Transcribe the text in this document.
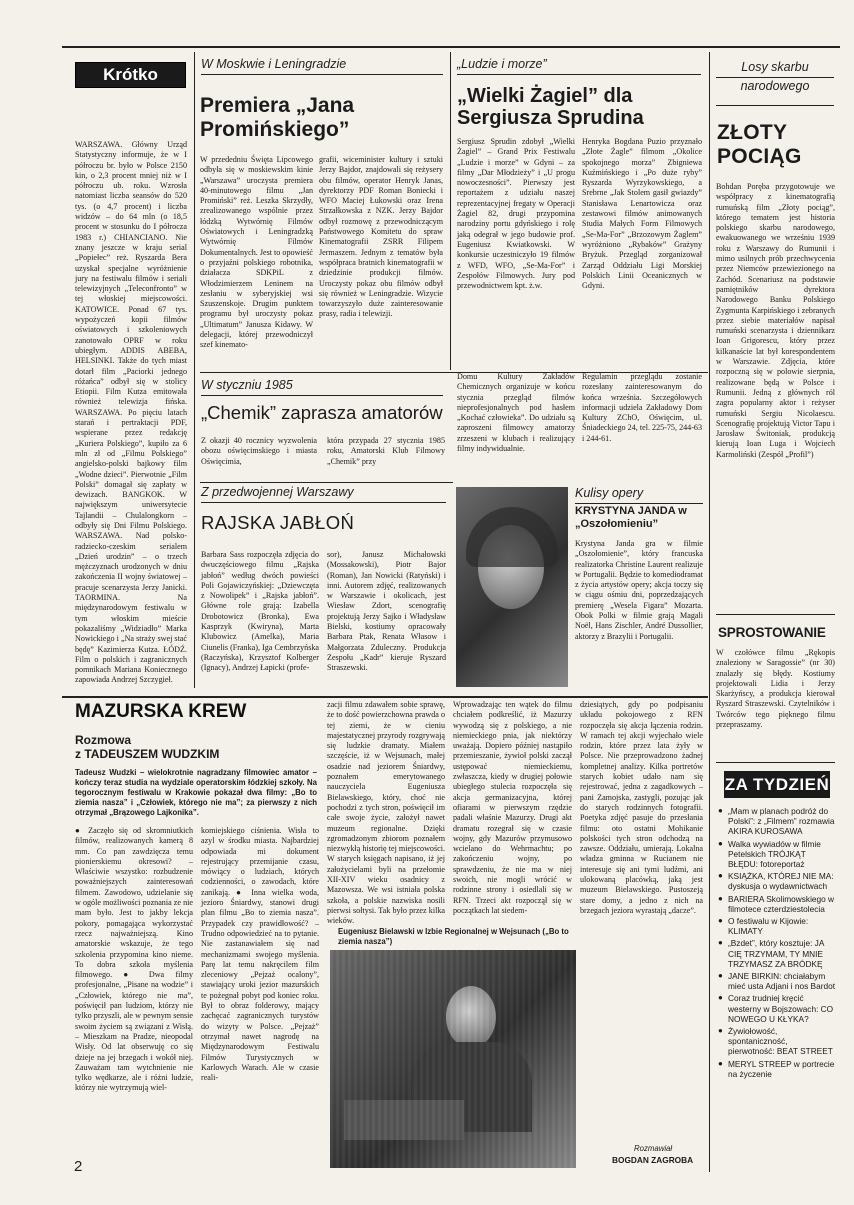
Krótko
WARSZAWA. Główny Urząd Statystyczny informuje, że w I półroczu br. było w Polsce 2150 kin, o 2,3 procent mniej niż w I półroczu ub. roku. Wzrosła natomiast liczba seansów do 520 tys. (o 4,7 procent) i liczba widzów – do 64 mln (o 18,5 procent w stosunku do I półrocza 1983 r.) CHIANCIANO. Nie znany jeszcze w kraju serial „Popiełec” reż. Ryszarda Bera uzyskał specjalne wyróżnienie jury na festiwalu filmów i seriali telewizyjnych „Teleconfronto” w tej włoskiej miejscowości. KATOWICE. Ponad 67 tys. wypożyczeń kopii filmów oświatowych i szkoleniowych zanotowało OPRF w roku ubiegłym. ADDIS ABEBA, HELSINKI. Także do tych miast dotarł film „Paciorki jednego różańca” odbył się w stolicy Etiopii. Film Kutza emitowała również telewizja fińska. WARSZAWA. Po pięciu latach starań i pertraktacji PDF, wspierane przez redakcję „Kuriera Polskiego”, kupiło za 6 mln zł od „Filmu Polskiego” angielsko-polski bajkowy film „Wodne dzieci”. Pierwotnie „Film Polski” domagał się zapłaty w dewizach. BANGKOK. W największym uniwersytecie Tajlandii – Chulalongkorn – odbyły się Dni Filmu Polskiego. WARSZAWA. Nad polsko-radziecko-czeskim serialem „Dzień urodzin” – o trzech mężczyznach urodzonych w dniu zakończenia II wojny światowej – pracuje scenarzysta Jerzy Janicki. TAORMINA. Na międzynarodowym festiwalu w tym włoskim mieście pokazaliśmy „Widziadło” Marka Nowickiego i „Na straży swej stać będę” Kazimierza Kutza. ŁÓDŹ. Film o polskich i zagranicznych pomnikach Mariana Koniecznego zapowiada Andrzej Szczygieł.
W Moskwie i Leningradzie
Premiera „Jana Promińskiego”
W przededniu Święta Lipcowego odbyła się w moskiewskim kinie „Warszawa” uroczysta premiera 40-minutowego filmu „Jan Promiński” reż. Leszka Skrzydły, zrealizowanego wspólnie przez łódzką Wytwórnię Filmów Oświatowych i Leningradzką Wytwórnię Filmów Dokumentalnych. Jest to opowieść o przyjaźni polskiego robotnika, działacza SDKPiL z Włodzimierzem Leninem na zesłaniu w syberyjskiej wsi Szuszenskoje. Drugim punktem programu był uroczysty pokaz „Ultimatum” Janusza Kidawy. W delegacji, której przewodniczył szef kinemato-
grafii, wiceminister kultury i sztuki Jerzy Bajdor, znajdowali się reżysery obu filmów, operator Henryk Janas, dyrektorzy PDF Roman Boniecki i WFO Maciej Łukowski oraz Irena Strzałkowska z NZK. Jerzy Bajdor odbył rozmowę z przewodniczącym Państwowego Komitetu do spraw Kinematografii ZSRR Filipem Jermaszem. Jednym z tematów była współpraca bratnich kinematografii w dziedzinie produkcji filmów. Uroczysty pokaz obu filmów odbył się również w Leningradzie. Wizycie towarzyszyło duże zainteresowanie prasy, radia i telewizji.
„Ludzie i morze”
„Wielki Żagiel” dla Sergiusza Sprudina
Sergiusz Sprudin zdobył „Wielki Żagiel” – Grand Prix Festiwalu „Ludzie i morze” w Gdyni – za filmy „Dar Młodzieży” i „U progu nowoczesności”. Pierwszy jest reportażem z udziału naszej reprezentacyjnej fregaty w Operacji Żagiel 82, drugi przypomina narodziny portu gdyńskiego i rolę jaką odegrał w jego budowie prof. Eugeniusz Kwiatkowski. W konkursie uczestniczyło 19 filmów z WFD, WFO, „Se-Ma-For” i Zespołów Filmowych. Jury pod przewodnictwem kpt. ż.w.
Henryka Bogdana Puzio przyznało „Złote Żagle” filmom „Okolice spokojnego morza” Zbigniewa Kuźmińskiego i „Po duże ryby” Ryszarda Wyrzykowskiego, a Srebrne „Jak Stolem gasił gwiazdy” Stanisława Lenartowicza oraz zestawowi filmów animowanych Studia Małych Form Filmowych „Se-Ma-For” „Brzozowym Żaglem” wyróżniono „Rybaków” Grażyny Bryżuk. Przegląd zorganizował Zarząd Oddziału Ligi Morskiej Polskich Linii Oceanicznych w Gdyni.
Losy skarbu narodowego
ZŁOTY POCIĄG
Bohdan Poręba przygotowuje we współpracy z kinematografią rumuńską film „Złoty pociąg”, którego tematem jest historia polskiego skarbu narodowego, ewakuowanego we wrześniu 1939 roku z Warszawy do Rumunii i mimo usilnych prób przechwycenia przez Niemców przewiezionego na Zachód. Scenariusz na podstawie pamiętników dyrektora Narodowego Banku Polskiego Zygmunta Karpińskiego i zebranych przez siebie materiałów napisał rumuński scenarzysta i dziennikarz Ioan Grigorescu, który przez kilkanaście lat był korespondentem w Warszawie. Zdjęcia, które rozpoczną się w polowie sierpnia, realizowane będą w Polsce i Rumunii. Jedną z głównych ról zagra popularny aktor i reżyser rumuński Sergiu Nicolaescu. Scenografię projektują Victor Tapu i Jarosław Świtoniak, produkcją kierują Ioan Luga i Wojciech Karmoliński (Zespół „Profil”)
SPROSTOWANIE
W czołówce filmu „Rękopis znaleziony w Saragossie” (nr 30) znalazły się błędy. Kostiumy projektowali Lidia i Jerzy Skarżyńscy, a produkcja kierował Ryszard Straszewski. Czytelników i Twórców tego pięknego filmu przepraszamy.
ZA TYDZIEŃ
● „Mam w planach podróż do Polski”: z „Filmem” rozmawia AKIRA KUROSAWA
● Walka wywiadów w filmie Petelskich TRÓJKĄT BŁĘDU: fotoreportaż
● KSIĄŻKA, KTÓREJ NIE MA: dyskusja o wydawnictwach
● BARIERA Skolimowskiego w filmotece czterdziestolecia
● O festiwalu w Kijowie: KLIMATY
● „Bzdet”, który kosztuje: JA CIĘ TRZYMAM, TY MNIE TRZYMASZ ZA BRÓDKĘ
● JANE BIRKIN: chciałabym mieć usta Adjani i nos Bardot
● Coraz trudniej kręcić westerny w Bojszowach: CO NOWEGO U KŁYKA?
● Żywiołowość, spontaniczność, pierwotność: BEAT STREET
● MERYL STREEP w portrecie na życzenie
W styczniu 1985
„Chemik” zaprasza amatorów
Z okazji 40 rocznicy wyzwolenia obozu oświęcimskiego i miasta Oświęcimia,
która przypada 27 stycznia 1985 roku, Amatorski Klub Filmowy „Chemik” przy
Domu Kultury Zakładów Chemicznych organizuje w końcu stycznia przegląd filmów nieprofesjonalnych pod hasłem „Kochać człowieka”. Do udziału są zaproszeni filmowcy amatorzy zrzeszeni w klubach i realizujący filmy indywidualnie.
Regulamin przeglądu zostanie rozesłany zainteresowanym do końca września. Szczegółowych informacji udziela Zakładowy Dom Kultury ZChO, Oświęcim, ul. Śniadeckiego 24, tel. 225-75, 244-63 i 244-61.
Z przedwojennej Warszawy
RAJSKA JABŁOŃ
Barbara Sass rozpoczęła zdjęcia do dwuczęściowego filmu „Rajska jabłoń” według dwóch powieści Poli Gojawiczyńskiej: „Dziewczęta z Nowolipek” i „Rajska jabłoń”. Główne role grają: Izabella Drobotowicz (Bronka), Ewa Kasprzyk (Kwiryna), Marta Klubowicz (Amelka), Maria Ciunelis (Franka), Iga Cembrzyńska (Raczyńska), Krzysztof Kolberger (Ignacy), Andrzej Łapicki (profe-
sor), Janusz Michałowski (Mossakowski), Piotr Bajor (Roman), Jan Nowicki (Ratyński) i inni. Autorem zdjęć, realizowanych w Warszawie i okolicach, jest Wiesław Zdort, scenografię projektują Jerzy Sajko i Władysław Bielski, kostiumy opracowały Barbara Ptak, Renata Własow i Małgorzata Zduleczny. Produkcja Zespołu „Kadr” kieruje Ryszard Straszewski.
Kulisy opery
KRYSTYNA JANDA w „Oszołomieniu”
Krystyna Janda gra w filmie „Oszołomienie”, który francuska realizatorka Christine Laurent realizuje w Portugalii. Będzie to komediodramat z życia artystów opery; akcja toczy się w ciągu ośmiu dni, poprzedzających premierę „Wesela Figara” Mozarta. Obok Polki w filmie grają Magali Noël, Hans Zischler, André Dussollier, aktorzy z Brazylii i Portugalii.
MAZURSKA KREW
Rozmowa
z TADEUSZEM WUDZKIM
Tadeusz Wudzki – wielokrotnie nagradzany filmowiec amator – kończy teraz studia na wydziale operatorskim łódzkiej szkoły. Na tegorocznym festiwalu w Krakowie pokazał dwa filmy: „Bo to ziemia nasza” i „Człowiek, którego nie ma”; za pierwszy z nich otrzymał „Brązowego Lajkonika”.
● Zaczęło się od skromniutkich filmów, realizowanych kamerą 8 mm. Co pan zawdzięcza temu pionierskiemu okresowi? – Właściwie wszystko: rozbudzenie poważniejszych zainteresowań filmem. Zawodowo, udzielanie się w ogóle możliwości poznania ze nie mam było. Jest to jakby lekcja pokory, pomagająca wykorzystać rzecz najważniejszą. Kino amatorskie wskazuje, że tego szkolenia przypomina kino nieme. To dobra szkoła myślenia filmowego. ● Dwa filmy profesjonalne, „Pisane na wodzie” i „Człowiek, którego nie ma”, poświęcił pan ludziom, którzy nie tylko przyszli, ale w pewnym sensie swoim życiem są związani z Wisłą. – Mieszkam na Pradze, nieopodal Wisły. Od lat obserwuję co się dzieje na jej brzegach i wokół niej. Zauważam tam wytchnienie nie tylko wędkarze, ale i różni ludzie, którzy nie wytrzymują wiel-
komiejskiego ciśnienia. Wisła to azyl w środku miasta. Najbardziej odpowiada mi dokument rejestrujący przemijanie czasu, mówiący o ludziach, których codzienności, o zawodach, które zanikają. ● Inna wielka woda, jezioro Śniardwy, stanowi drugi plan filmu „Bo to ziemia nasza”. Przypadek czy prawidłowość? – Trudno odpowiedzieć na to pytanie. Nie zastanawiałem się nad mechanizmami swojego myślenia. Parę lat temu nakręcilem film zleceniowy „Pejzaż ocalony”, stawiający uroki jezior mazurskich te pożegnał pobyt pod koniec roku. Był to obraz folderowy, mający zachęcać zagranicznych turystów do wizyty w Polsce. „Pejzaż” otrzymał nawet nagrodę na Międzynarodowym Festiwalu Filmów Turystycznych w Karlowych Warach. Ale w czasie reali-
zacji filmu zdawałem sobie sprawę, że to dość powierzchowna prawda o tej ziemi, że w cieniu majestatycznej przyrody rozgrywają się ludzkie dramaty. Miałem szczęście, iż w Wejsunach, małej osadzie nad jeziorem Śniardwy, poznałem emerytowanego nauczyciela Eugeniusza Bielawskiego, który, choć nie pochodzi z tych stron, poświęcił im całe swoje życie, założył nawet muzeum regionalne. Dzięki zgromadzonym zbiorom poznałem niezwykłą historię tej miejscowości. W starych księgach napisano, iż jej założycielami byli na przełomie XII-XIV wieku osadnicy z Mazowsza. We wsi istniała polska szkoła, a polskie nazwiska nosili pierwsi sołtysi. Tak było przez kilka wieków.
Wprowadzając ten wątek do filmu chciałem podkreślić, iż Mazurzy wywodzą się z polskiego, a nie niemieckiego pnia, jak niektórzy uważają. Dopiero później nastąpiło przemieszanie, żywioł polski zaczął ustępować niemieckiemu, zwłaszcza, kiedy w drugiej połowie ubiegłego stulecia rozpoczęła się akcja germanizacyjna, której ofiarami w pierwszym rzędzie padali właśnie Mazurzy. Drugi akt dramatu rozegrał się w czasie wojny, gdy Mazurów przymusowo wcielano do Wehrmachtu; po zakończeniu wojny, po sprawdzeniu, że nie ma w niej swoich, nie mogli wrócić w rodzinne strony i osiedlali się w RFN. Trzeci akt rozpoczął się w początkach lat siedem-
dziesiątych, gdy po podpisaniu układu pokojowego z RFN rozpoczęła się akcja łączenia rodzin. W ramach tej akcji wyjechało wiele rodzin, które przez lata żyły w Polsce. Nie przeprowadzono żadnej kompletnej analizy. Kilka portretów starych kobiet udało nam się rejestrować, jedna z zagadkowych – pani Zamojska, zastygli, pozując jak do starych rodzinnych fotografii. Poetyka zdjęć pasuje do przesłania filmu: oto ostatni Mohikanie polskości tych stron odchodzą na zawsze. Oddziału, umierają. Lokalna władza gminna w Rucianem nie interesuje się ani tymi ludźmi, ani ulokowaną placówką, jaką jest muzeum Bielawskiego. Pustoszeją stare domy, a jedno z nich na brzegach jeziora wyrastają „dacze”.
Eugeniusz Bielawski w Izbie Regionalnej w Wejsunach („Bo to ziemia nasza”)
Rozmawiał
BOGDAN ZAGROBA
2
